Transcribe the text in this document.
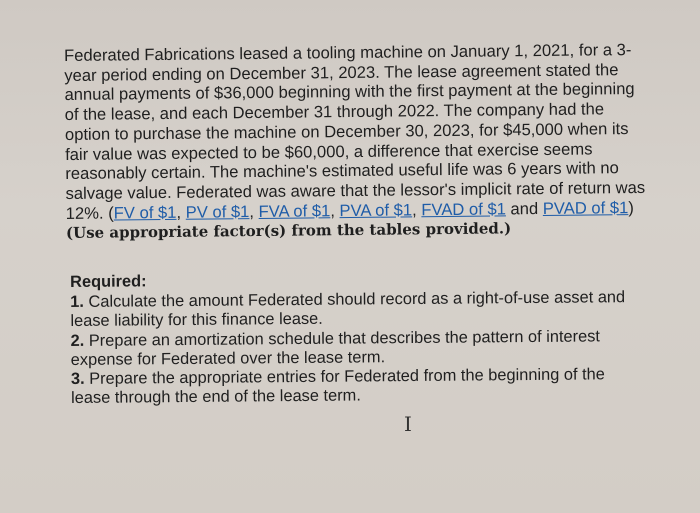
Federated Fabrications leased a tooling machine on January 1, 2021, for a 3-year period ending on December 31, 2023. The lease agreement stated the annual payments of $36,000 beginning with the first payment at the beginning of the lease, and each December 31 through 2022. The company had the option to purchase the machine on December 30, 2023, for $45,000 when its fair value was expected to be $60,000, a difference that exercise seems reasonably certain. The machine's estimated useful life was 6 years with no salvage value. Federated was aware that the lessor's implicit rate of return was 12%. (FV of $1, PV of $1, FVA of $1, PVA of $1, FVAD of $1 and PVAD of $1) (Use appropriate factor(s) from the tables provided.)
Required:

1. Calculate the amount Federated should record as a right-of-use asset and lease liability for this finance lease.

2. Prepare an amortization schedule that describes the pattern of interest expense for Federated over the lease term.

3. Prepare the appropriate entries for Federated from the beginning of the lease through the end of the lease term.

I
